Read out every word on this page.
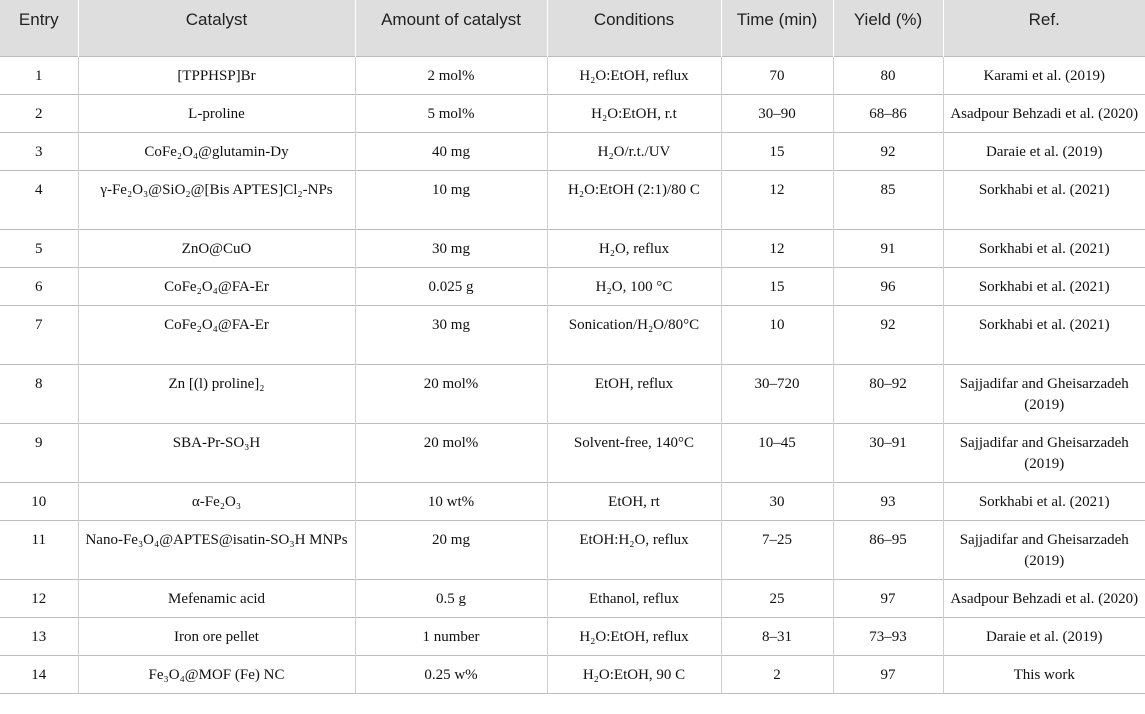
Entry	Catalyst	Amount of catalyst	Conditions	Time (min)	Yield (%)	Ref.
1	[TPPHSP]Br	2 mol%	H₂O:EtOH, reflux	70	80	Karami et al. (2019)
2	L-proline	5 mol%	H₂O:EtOH, r.t	30–90	68–86	Asadpour Behzadi et al. (2020)
3	CoFe₂O₄@glutamin-Dy	40 mg	H₂O/r.t./UV	15	92	Daraie et al. (2019)
4	γ-Fe₂O₃@SiO₂@[Bis APTES]Cl₂-NPs	10 mg	H₂O:EtOH (2:1)/80 C	12	85	Sorkhabi et al. (2021)
5	ZnO@CuO	30 mg	H₂O, reflux	12	91	Sorkhabi et al. (2021)
6	CoFe₂O₄@FA-Er	0.025 g	H₂O, 100 °C	15	96	Sorkhabi et al. (2021)
7	CoFe₂O₄@FA-Er	30 mg	Sonication/H₂O/80°C	10	92	Sorkhabi et al. (2021)
8	Zn [(l) proline]₂	20 mol%	EtOH, reflux	30–720	80–92	Sajjadifar and Gheisarzadeh (2019)
9	SBA-Pr-SO₃H	20 mol%	Solvent-free, 140°C	10–45	30–91	Sajjadifar and Gheisarzadeh (2019)
10	α-Fe₂O₃	10 wt%	EtOH, rt	30	93	Sorkhabi et al. (2021)
11	Nano-Fe₃O₄@APTES@isatin-SO₃H MNPs	20 mg	EtOH:H₂O, reflux	7–25	86–95	Sajjadifar and Gheisarzadeh (2019)
12	Mefenamic acid	0.5 g	Ethanol, reflux	25	97	Asadpour Behzadi et al. (2020)
13	Iron ore pellet	1 number	H₂O:EtOH, reflux	8–31	73–93	Daraie et al. (2019)
14	Fe₃O₄@MOF (Fe) NC	0.25 w%	H₂O:EtOH, 90 C	2	97	This work
